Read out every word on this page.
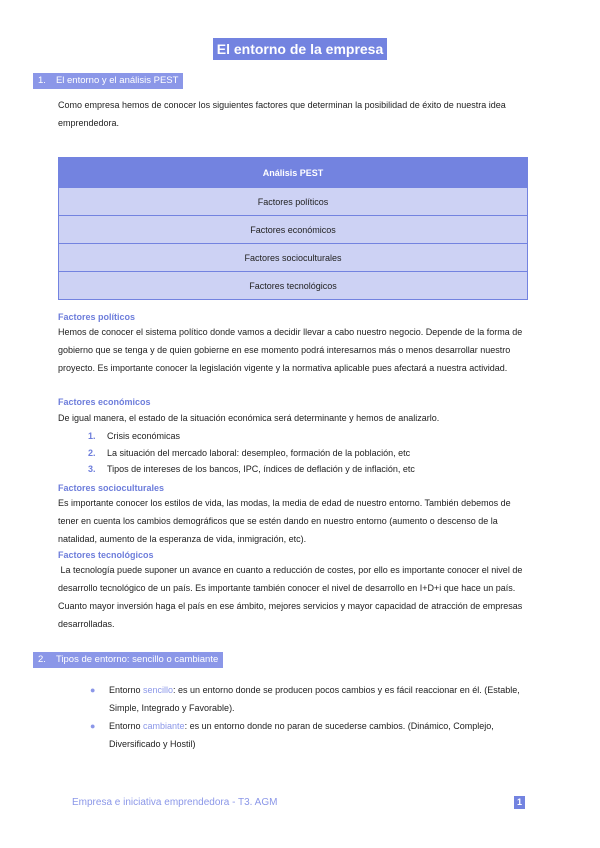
El entorno de la empresa
1. El entorno y el análisis PEST

Como empresa hemos de conocer los siguientes factores que determinan la posibilidad de éxito de nuestra idea emprendedora.

Análisis PEST
Factores políticos
Factores económicos
Factores socioculturales
Factores tecnológicos
Factores políticos

Hemos de conocer el sistema político donde vamos a decidir llevar a cabo nuestro negocio. Depende de la forma de gobierno que se tenga y de quien gobierne en ese momento podrá interesarnos más o menos desarrollar nuestro proyecto. Es importante conocer la legislación vigente y la normativa aplicable pues afectará a nuestra actividad.

Factores económicos

De igual manera, el estado de la situación económica será determinante y hemos de analizarlo.

1. Crisis económicas
2. La situación del mercado laboral: desempleo, formación de la población, etc
3. Tipos de intereses de los bancos, IPC, índices de deflación y de inflación, etc
Factores socioculturales

Es importante conocer los estilos de vida, las modas, la media de edad de nuestro entorno. También debemos de tener en cuenta los cambios demográficos que se estén dando en nuestro entorno (aumento o descenso de la natalidad, aumento de la esperanza de vida, inmigración, etc).

Factores tecnológicos

La tecnología puede suponer un avance en cuanto a reducción de costes, por ello es importante conocer el nivel de desarrollo tecnológico de un país. Es importante también conocer el nivel de desarrollo en I+D+i que hace un país. Cuanto mayor inversión haga el país en ese ámbito, mejores servicios y mayor capacidad de atracción de empresas desarrolladas.

2. Tipos de entorno: sencillo o cambiante
● Entorno sencillo: es un entorno donde se producen pocos cambios y es fácil reaccionar en él. (Estable, Simple, Integrado y Favorable).
● Entorno cambiante: es un entorno donde no paran de sucederse cambios. (Dinámico, Complejo, Diversificado y Hostil)
Empresa e iniciativa emprendedora - T3. AGM	1
